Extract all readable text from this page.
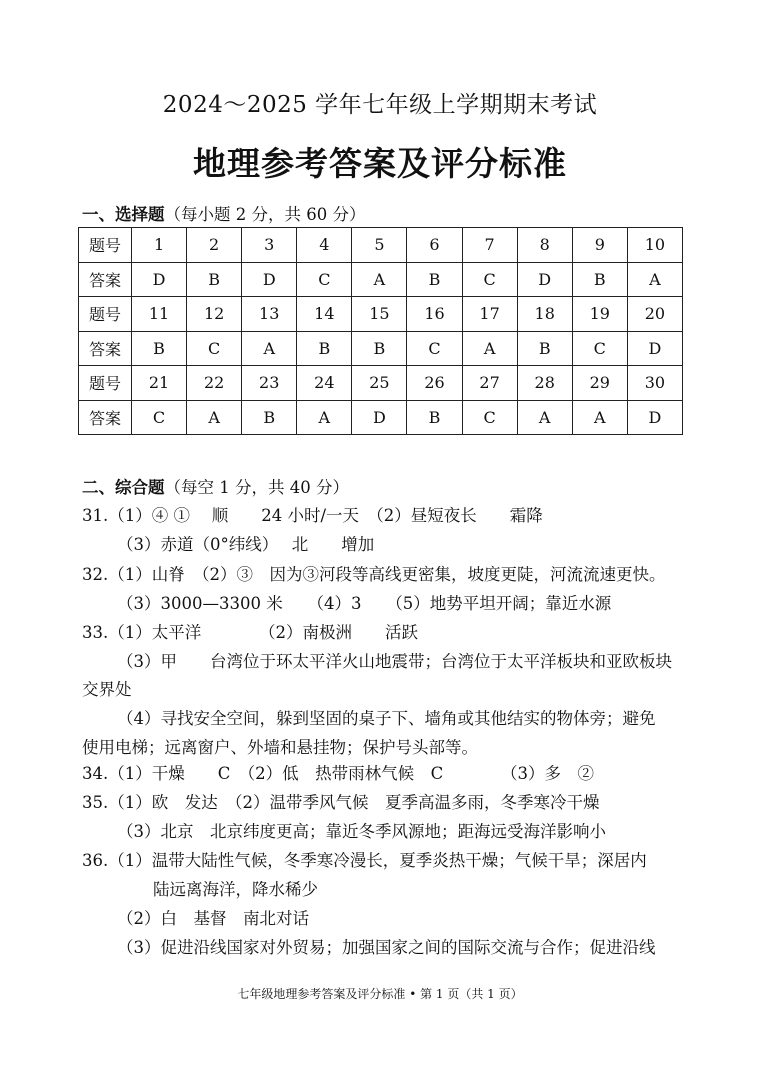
2024～2025 学年七年级上学期期末考试
地理参考答案及评分标准
一、选择题（每小题 2 分，共 60 分）
题号	1	2	3	4	5	6	7	8	9	10
答案	D	B	D	C	A	B	C	D	B	A
题号	11	12	13	14	15	16	17	18	19	20
答案	B	C	A	B	B	C	A	B	C	D
题号	21	22	23	24	25	26	27	28	29	30
答案	C	A	B	A	D	B	C	A	A	D
二、综合题（每空 1 分，共 40 分）
31.（1）④ ①　 顺　　24 小时/一天　（2）昼短夜长　　霜降
（3）赤道（0°纬线）　 北　　增加
32.（1）山脊　（2）③　因为③河段等高线更密集，坡度更陡，河流流速更快。
（3）3000—3300 米　　（4）3　　（5）地势平坦开阔；靠近水源
33.（1）太平洋　　　　（2）南极洲　　活跃
（3）甲　　台湾位于环太平洋火山地震带；台湾位于太平洋板块和亚欧板块
交界处
（4）寻找安全空间，躲到坚固的桌子下、墙角或其他结实的物体旁；避免
使用电梯；远离窗户、外墙和悬挂物；保护号头部等。
34.（1）干燥　　C　（2）低　热带雨林气候　C　　　　（3）多　②
35.（1）欧　发达　（2）温带季风气候　夏季高温多雨，冬季寒冷干燥
（3）北京　北京纬度更高；靠近冬季风源地；距海远受海洋影响小
36.（1）温带大陆性气候，冬季寒冷漫长，夏季炎热干燥；气候干旱；深居内
陆远离海洋，降水稀少
（2）白　基督　南北对话
（3）促进沿线国家对外贸易；加强国家之间的国际交流与合作；促进沿线
七年级地理参考答案及评分标准 • 第 1 页（共 1 页）
